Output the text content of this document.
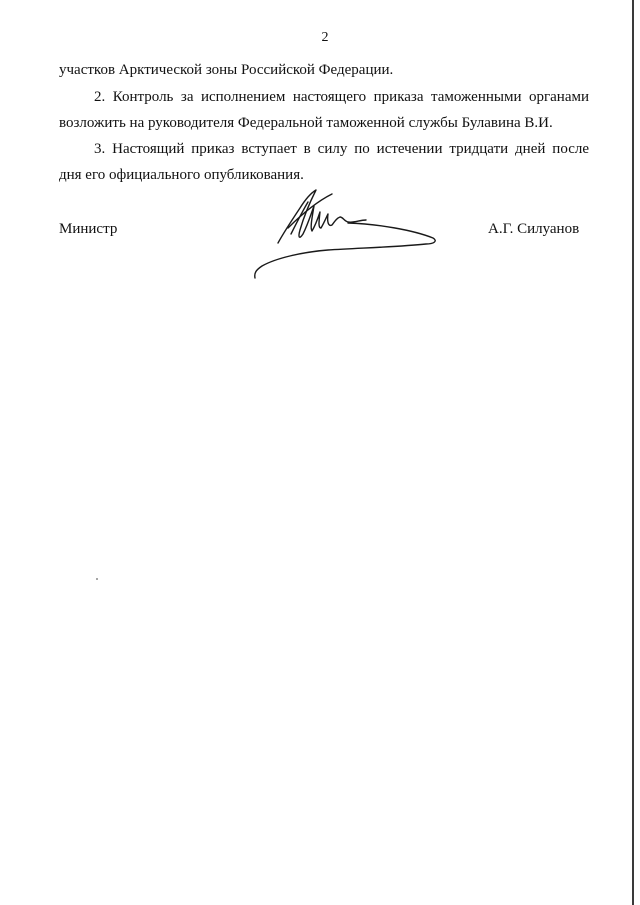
2
участков Арктической зоны Российской Федерации.
2. Контроль за исполнением настоящего приказа таможенными органами
возложить на руководителя Федеральной таможенной службы Булавина В.И.
3. Настоящий приказ вступает в силу по истечении тридцати дней после
дня его официального опубликования.
Министр	А.Г. Силуанов
